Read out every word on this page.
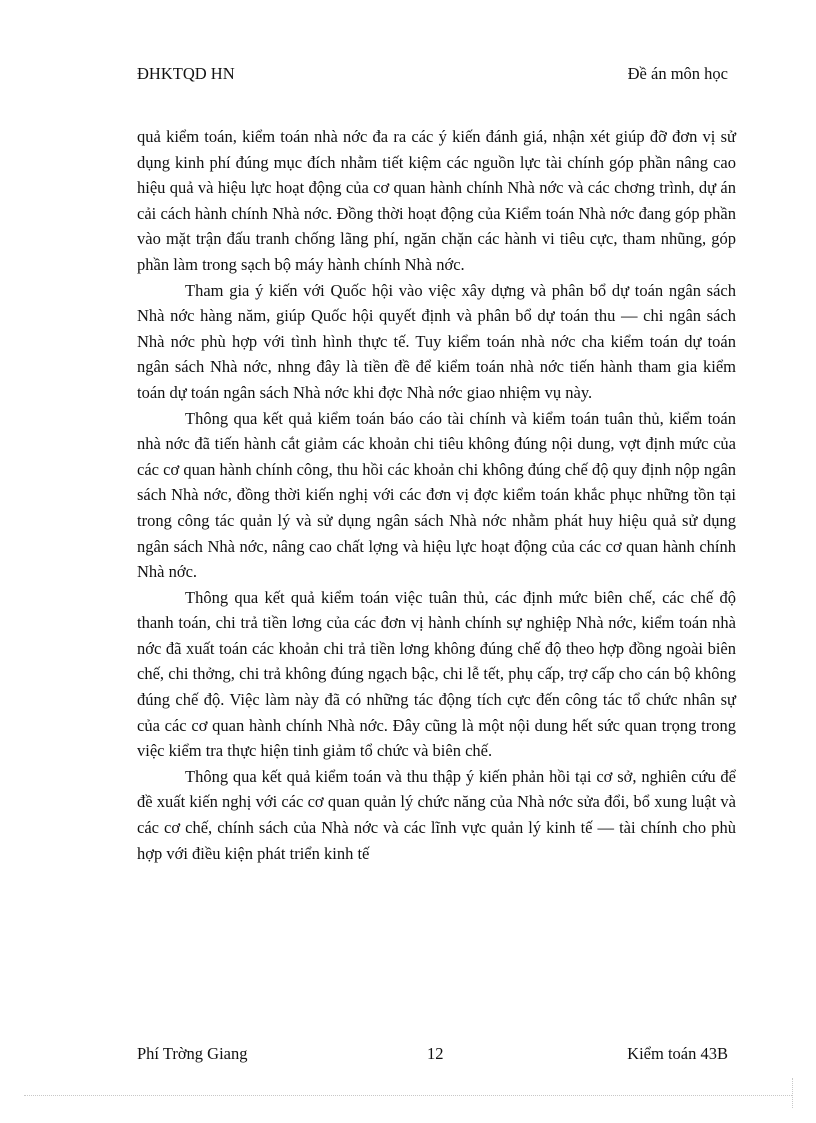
ĐHKTQD HN	Đề án môn học

quả kiểm toán, kiểm toán nhà nớc đa ra các ý kiến đánh giá, nhận xét giúp đỡ đơn vị sử dụng kinh phí đúng mục đích nhằm tiết kiệm các nguồn lực tài chính góp phần nâng cao hiệu quả và hiệu lực hoạt động của cơ quan hành chính Nhà nớc và các chơng trình, dự án cải cách hành chính Nhà nớc. Đồng thời hoạt động của Kiểm toán Nhà nớc đang góp phần vào mặt trận đấu tranh chống lãng phí, ngăn chặn các hành vi tiêu cực, tham nhũng, góp phần làm trong sạch bộ máy hành chính Nhà nớc.

Tham gia ý kiến với Quốc hội vào việc xây dựng và phân bổ dự toán ngân sách Nhà nớc hàng năm, giúp Quốc hội quyết định và phân bổ dự toán thu — chi ngân sách Nhà nớc phù hợp với tình hình thực tế. Tuy kiểm toán nhà nớc cha kiểm toán dự toán ngân sách Nhà nớc, nhng đây là tiền đề để kiểm toán nhà nớc tiến hành tham gia kiểm toán dự toán ngân sách Nhà nớc khi đợc Nhà nớc giao nhiệm vụ này.

Thông qua kết quả kiểm toán báo cáo tài chính và kiểm toán tuân thủ, kiểm toán nhà nớc đã tiến hành cắt giảm các khoản chi tiêu không đúng nội dung, vợt định mức của các cơ quan hành chính công, thu hồi các khoản chi không đúng chế độ quy định nộp ngân sách Nhà nớc, đồng thời kiến nghị với các đơn vị đợc kiểm toán khắc phục những tồn tại trong công tác quản lý và sử dụng ngân sách Nhà nớc nhằm phát huy hiệu quả sử dụng ngân sách Nhà nớc, nâng cao chất lợng và hiệu lực hoạt động của các cơ quan hành chính Nhà nớc.

Thông qua kết quả kiểm toán việc tuân thủ, các định mức biên chế, các chế độ thanh toán, chi trả tiền lơng của các đơn vị hành chính sự nghiệp Nhà nớc, kiểm toán nhà nớc đã xuất toán các khoản chi trả tiền lơng không đúng chế độ theo hợp đồng ngoài biên chế, chi thởng, chi trả không đúng ngạch bậc, chi lễ tết, phụ cấp, trợ cấp cho cán bộ không đúng chế độ. Việc làm này đã có những tác động tích cực đến công tác tổ chức nhân sự của các cơ quan hành chính Nhà nớc. Đây cũng là một nội dung hết sức quan trọng trong việc kiểm tra thực hiện tinh giảm tổ chức và biên chế.

Thông qua kết quả kiểm toán và thu thập ý kiến phản hồi tại cơ sở, nghiên cứu để đề xuất kiến nghị với các cơ quan quản lý chức năng của Nhà nớc sửa đổi, bổ xung luật và các cơ chế, chính sách của Nhà nớc và các lĩnh vực quản lý kinh tế — tài chính cho phù hợp với điều kiện phát triển kinh tế

Phí Trờng Giang	12	Kiểm toán 43B
